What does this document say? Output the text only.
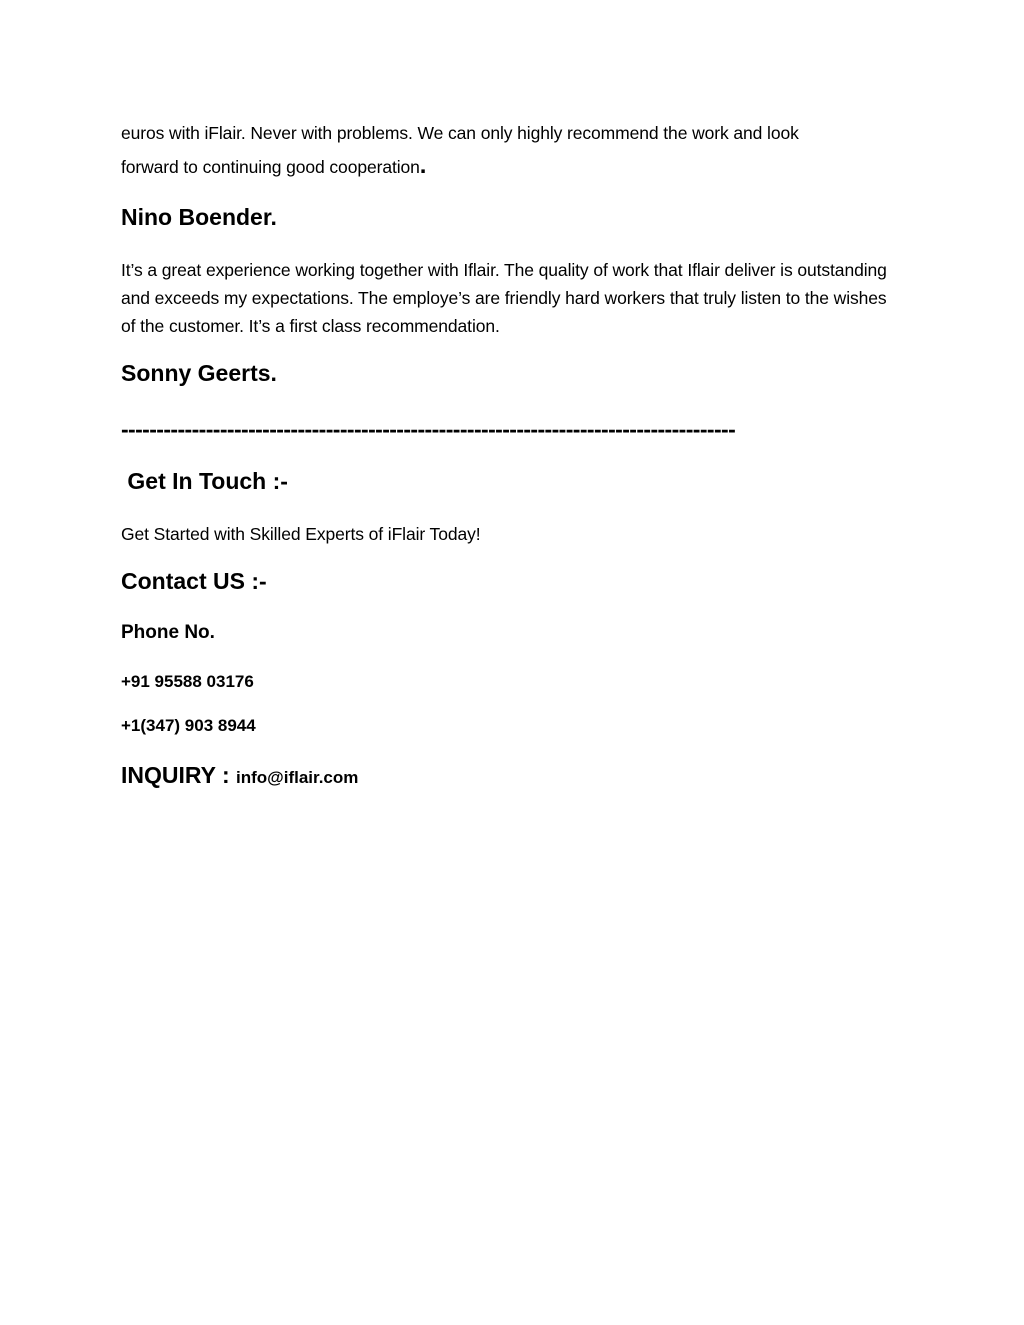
euros with iFlair. Never with problems. We can only highly recommend the work and look
forward to continuing good cooperation.

Nino Boender.

It’s a great experience working together with Iflair. The quality of work that Iflair deliver is outstanding and exceeds my expectations. The employe’s are friendly hard workers that truly listen to the wishes of the customer. It’s a first class recommendation.

Sonny Geerts.

---------------------------------------------------------------------------------------

Get In Touch :-

Get Started with Skilled Experts of iFlair Today!

Contact US :-

Phone No.

+91 95588 03176

+1(347) 903 8944

INQUIRY : info@iflair.com
